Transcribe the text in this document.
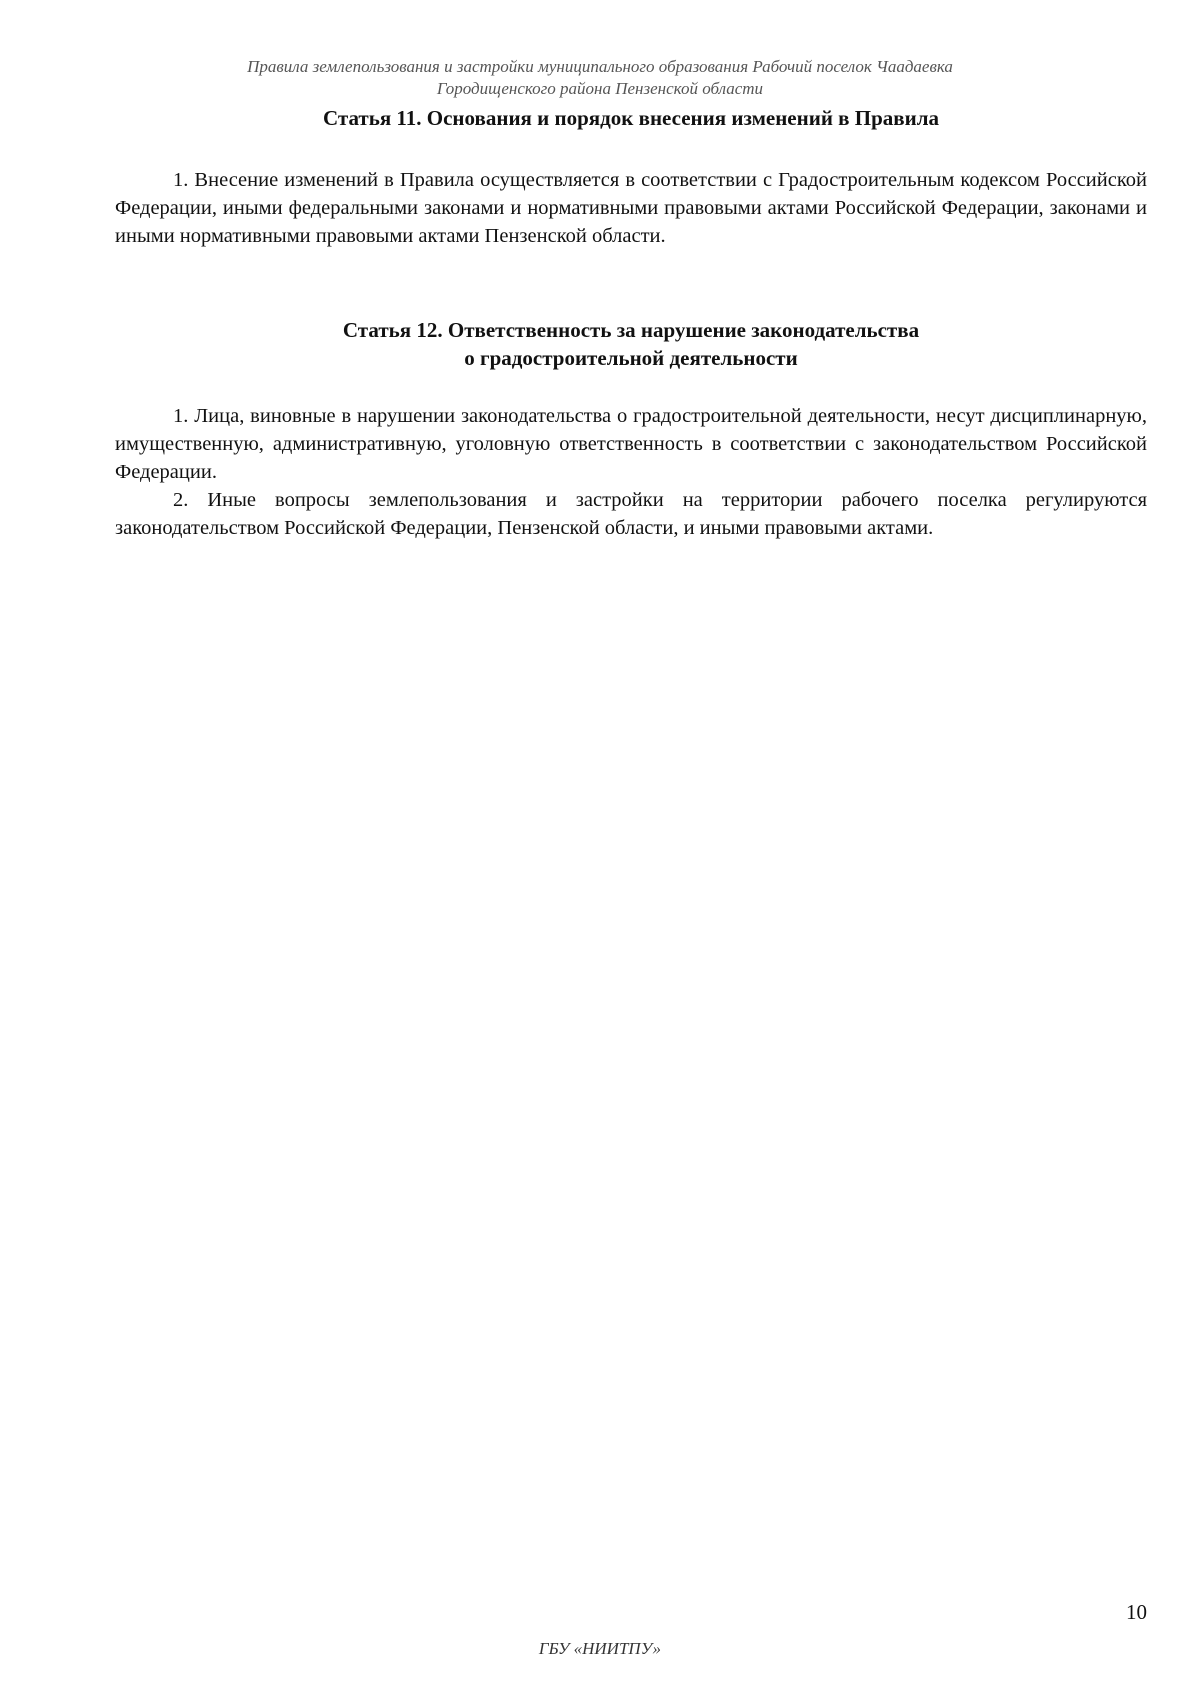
Правила землепользования и застройки муниципального образования Рабочий поселок Чаадаевка
Городищенского района Пензенской области
Статья 11. Основания и порядок внесения изменений в Правила

1. Внесение изменений в Правила осуществляется в соответствии с Градостроительным кодексом Российской Федерации, иными федеральными законами и нормативными правовыми актами Российской Федерации, законами и иными нормативными правовыми актами Пензенской области.

Статья 12. Ответственность за нарушение законодательства
о градостроительной деятельности

1. Лица, виновные в нарушении законодательства о градостроительной деятельности, несут дисциплинарную, имущественную, административную, уголовную ответственность в соответствии с законодательством Российской Федерации.

2. Иные вопросы землепользования и застройки на территории рабочего поселка регулируются законодательством Российской Федерации, Пензенской области, и иными правовыми актами.

10
ГБУ «НИИТПУ»
